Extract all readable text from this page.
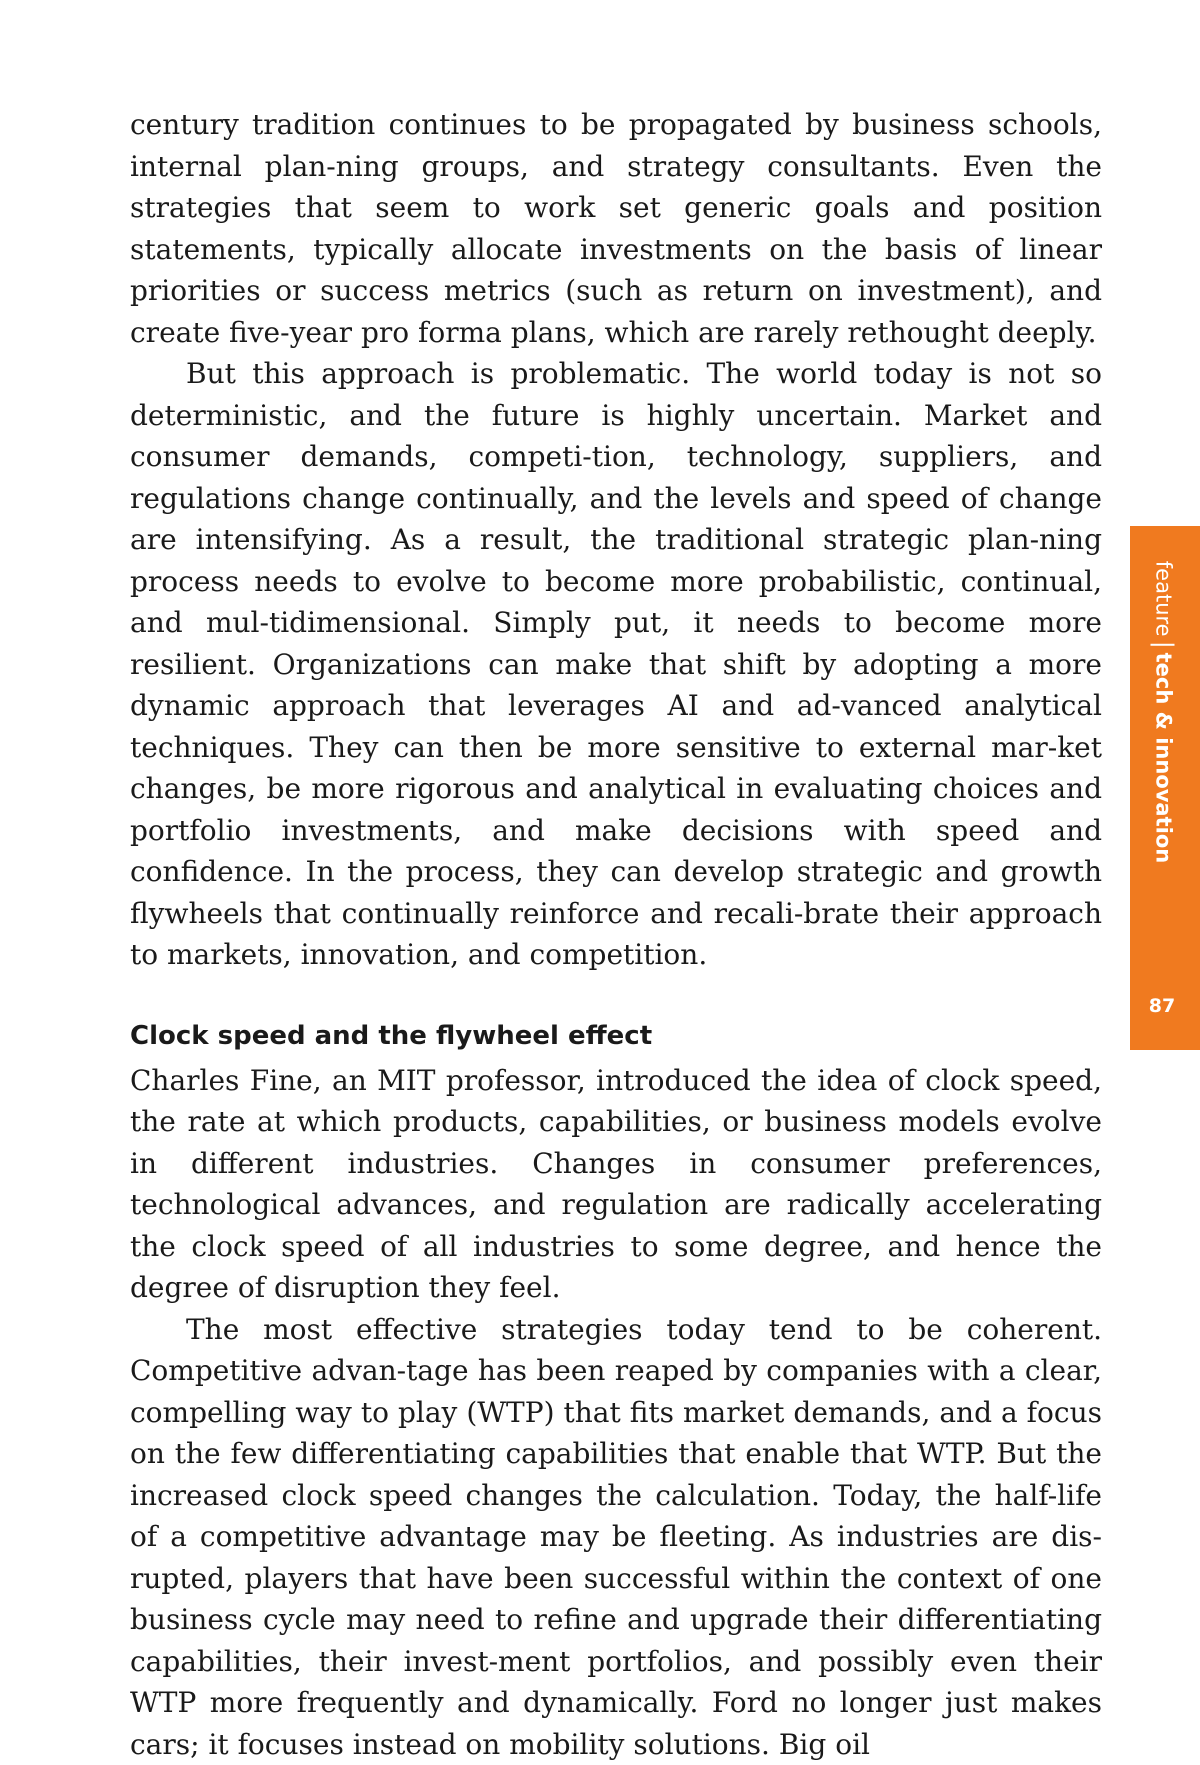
century tradition continues to be propagated by business schools, internal plan-ning groups, and strategy consultants. Even the strategies that seem to work set generic goals and position statements, typically allocate investments on the basis of linear priorities or success metrics (such as return on investment), and create five-year pro forma plans, which are rarely rethought deeply.

But this approach is problematic. The world today is not so deterministic, and the future is highly uncertain. Market and consumer demands, competi-tion, technology, suppliers, and regulations change continually, and the levels and speed of change are intensifying. As a result, the traditional strategic plan-ning process needs to evolve to become more probabilistic, continual, and mul-tidimensional. Simply put, it needs to become more resilient. Organizations can make that shift by adopting a more dynamic approach that leverages AI and ad-vanced analytical techniques. They can then be more sensitive to external mar-ket changes, be more rigorous and analytical in evaluating choices and portfolio investments, and make decisions with speed and confidence. In the process, they can develop strategic and growth flywheels that continually reinforce and recali-brate their approach to markets, innovation, and competition.

Clock speed and the flywheel effect

Charles Fine, an MIT professor, introduced the idea of clock speed, the rate at which products, capabilities, or business models evolve in different industries. Changes in consumer preferences, technological advances, and regulation are radically accelerating the clock speed of all industries to some degree, and hence the degree of disruption they feel.

The most effective strategies today tend to be coherent. Competitive advan-tage has been reaped by companies with a clear, compelling way to play (WTP) that fits market demands, and a focus on the few differentiating capabilities that enable that WTP. But the increased clock speed changes the calculation. Today, the half-life of a competitive advantage may be fleeting. As industries are dis-rupted, players that have been successful within the context of one business cycle may need to refine and upgrade their differentiating capabilities, their invest-ment portfolios, and possibly even their WTP more frequently and dynamically. Ford no longer just makes cars; it focuses instead on mobility solutions. Big oil

featuretech & innovation
87
